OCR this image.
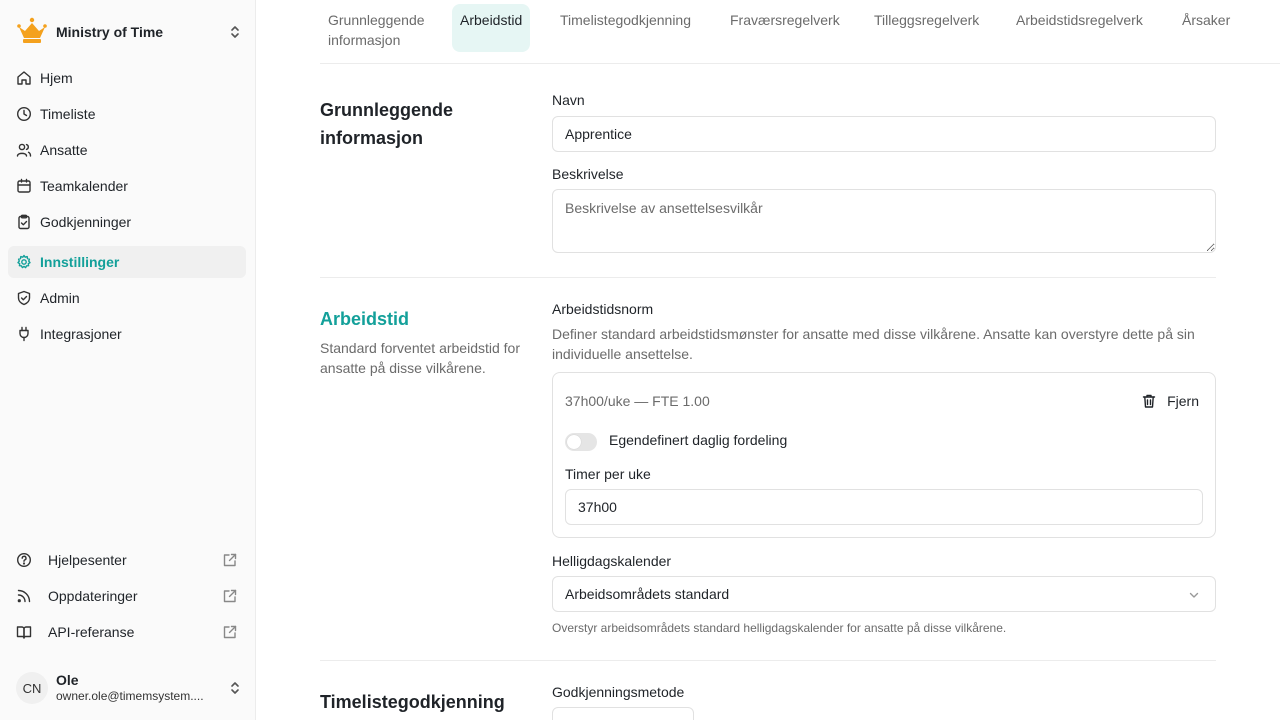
Ministry of Time
Hjem
Timeliste
Ansatte
Teamkalender
Godkjenninger
Innstillinger
Admin
Integrasjoner
Hjelpesenter
Oppdateringer
API-referanse
CN	Ole
owner.ole@timemsystem....
Grunnleggende
informasjon
Arbeidstid	Timelistegodkjenning	Fraværsregelverk Tilleggsregelverk	Arbeidstidsregelverk	Årsaker
Grunnleggende informasjon
Navn
Apprentice
Beskrivelse
Beskrivelse av ansettelsesvilkår
Arbeidstid
Standard forventet arbeidstid for ansatte på disse vilkårene.
Arbeidstidsnorm
Definer standard arbeidstidsmønster for ansatte med disse vilkårene. Ansatte kan overstyre dette på sin individuelle ansettelse.
37h00/uke — FTE 1.00	Fjern
Egendefinert daglig fordeling
Timer per uke
37h00
Helligdagskalender
Arbeidsområdets standard
Overstyr arbeidsområdets standard helligdagskalender for ansatte på disse vilkårene.
Timelistegodkjenning	Godkjenningsmetode
